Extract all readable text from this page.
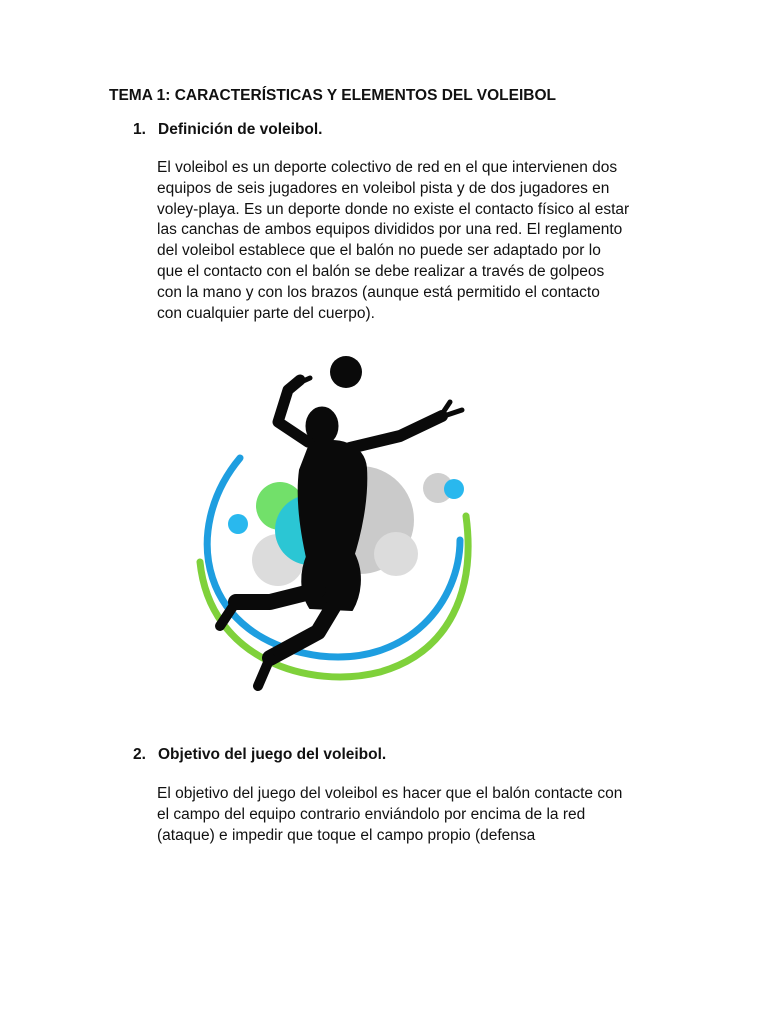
TEMA 1: CARACTERÍSTICAS Y ELEMENTOS DEL VOLEIBOL
1. Definición de voleibol.
El voleibol es un deporte colectivo de red en el que intervienen dos
equipos de seis jugadores en voleibol pista y de dos jugadores en
voley-playa. Es un deporte donde no existe el contacto físico al estar
las canchas de ambos equipos divididos por una red. El reglamento
del voleibol establece que el balón no puede ser adaptado por lo
que el contacto con el balón se debe realizar a través de golpeos
con la mano y con los brazos (aunque está permitido el contacto
con cualquier parte del cuerpo).
2. Objetivo del juego del voleibol.
El objetivo del juego del voleibol es hacer que el balón contacte con
el campo del equipo contrario enviándolo por encima de la red
(ataque) e impedir que toque el campo propio (defensa
